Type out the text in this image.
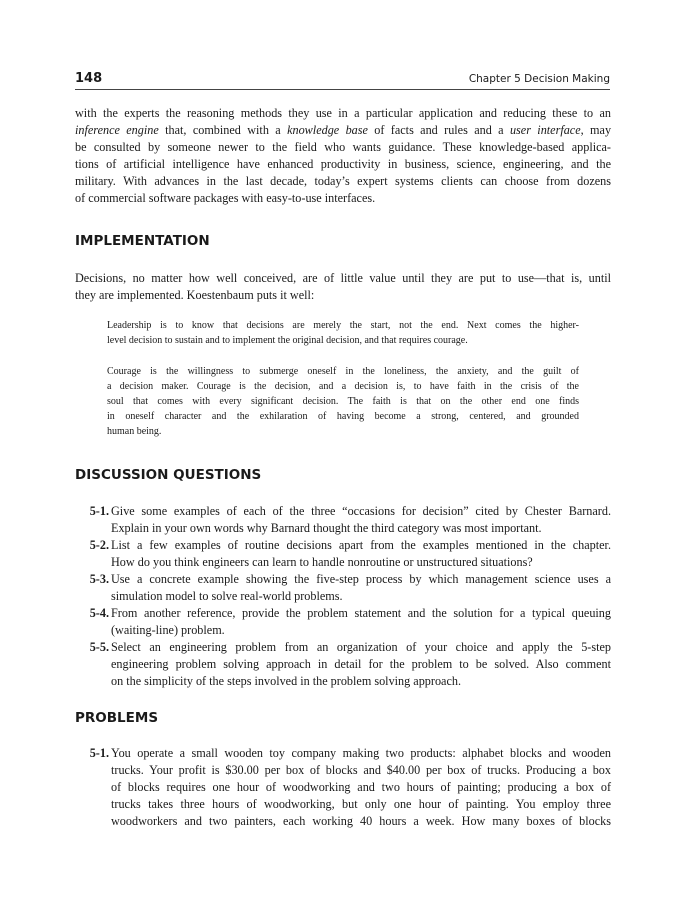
148	Chapter 5 Decision Making
with the experts the reasoning methods they use in a particular application and reducing these to an
inference engine that, combined with a knowledge base of facts and rules and a user interface, may
be consulted by someone newer to the field who wants guidance. These knowledge-based applica-
tions of artificial intelligence have enhanced productivity in business, science, engineering, and the
military. With advances in the last decade, today’s expert systems clients can choose from dozens
of commercial software packages with easy-to-use interfaces.
IMPLEMENTATION
Decisions, no matter how well conceived, are of little value until they are put to use—that is, until
they are implemented. Koestenbaum puts it well:
Leadership is to know that decisions are merely the start, not the end. Next comes the higher-
level decision to sustain and to implement the original decision, and that requires courage.
Courage is the willingness to submerge oneself in the loneliness, the anxiety, and the guilt of
a decision maker. Courage is the decision, and a decision is, to have faith in the crisis of the
soul that comes with every significant decision. The faith is that on the other end one finds
in oneself character and the exhilaration of having become a strong, centered, and grounded
human being.
DISCUSSION QUESTIONS
5-1. Give some examples of each of the three “occasions for decision” cited by Chester Barnard.
Explain in your own words why Barnard thought the third category was most important.
5-2. List a few examples of routine decisions apart from the examples mentioned in the chapter.
How do you think engineers can learn to handle nonroutine or unstructured situations?
5-3. Use a concrete example showing the five-step process by which management science uses a
simulation model to solve real-world problems.
5-4. From another reference, provide the problem statement and the solution for a typical queuing
(waiting-line) problem.
5-5. Select an engineering problem from an organization of your choice and apply the 5-step
engineering problem solving approach in detail for the problem to be solved. Also comment
on the simplicity of the steps involved in the problem solving approach.
PROBLEMS
5-1. You operate a small wooden toy company making two products: alphabet blocks and wooden
trucks. Your profit is $30.00 per box of blocks and $40.00 per box of trucks. Producing a box
of blocks requires one hour of woodworking and two hours of painting; producing a box of
trucks takes three hours of woodworking, but only one hour of painting. You employ three
woodworkers and two painters, each working 40 hours a week. How many boxes of blocks
